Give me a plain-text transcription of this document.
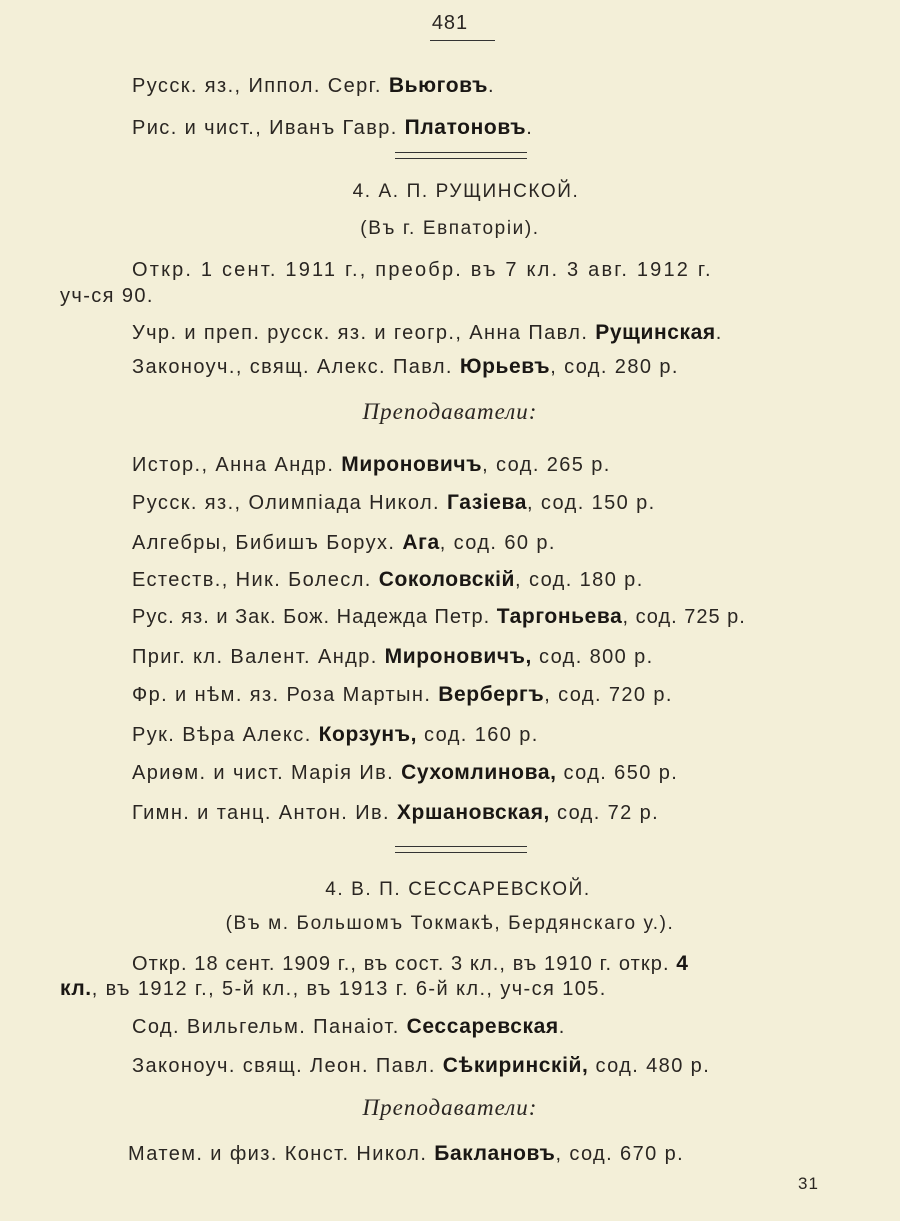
481
Русск. яз., Иппол. Серг. Вьюговъ.
Рис. и чист., Иванъ Гавр. Платоновъ.
4. А. П. РУЩИНСКОЙ.
(Въ г. Евпаторіи).
Откр. 1 сент. 1911 г., преобр. въ 7 кл. 3 авг. 1912 г.
уч-ся 90.
Учр. и преп. русск. яз. и геогр., Анна Павл. Рущинская.
Законоуч., свящ. Алекс. Павл. Юрьевъ, сод. 280 р.
Преподаватели:
Истор., Анна Андр. Мироновичъ, сод. 265 р.
Русск. яз., Олимпіада Никол. Газіева, сод. 150 р.
Алгебры, Бибишъ Борух. Ага, сод. 60 р.
Естеств., Ник. Болесл. Соколовскій, сод. 180 р.
Рус. яз. и Зак. Бож. Надежда Петр. Таргоньева, сод. 725 р.
Приг. кл. Валент. Андр. Мироновичъ, сод. 800 р.
Фр. и нѣм. яз. Роза Мартын. Вербергъ, сод. 720 р.
Рук. Вѣра Алекс. Корзунъ, сод. 160 р.
Ариѳм. и чист. Марія Ив. Сухомлинова, сод. 650 р.
Гимн. и танц. Антон. Ив. Хршановская, сод. 72 р.
4. В. П. СЕССАРЕВСКОЙ.
(Въ м. Большомъ Токмакѣ, Бердянскаго у.).
Откр. 18 сент. 1909 г., въ сост. 3 кл., въ 1910 г. откр. 4
кл., въ 1912 г., 5-й кл., въ 1913 г. 6-й кл., уч-ся 105.
Сод. Вильгельм. Панаіот. Сессаревская.
Законоуч. свящ. Леон. Павл. Сѣкиринскій, сод. 480 р.
Преподаватели:
Матем. и физ. Конст. Никол. Баклановъ, сод. 670 р.
31
